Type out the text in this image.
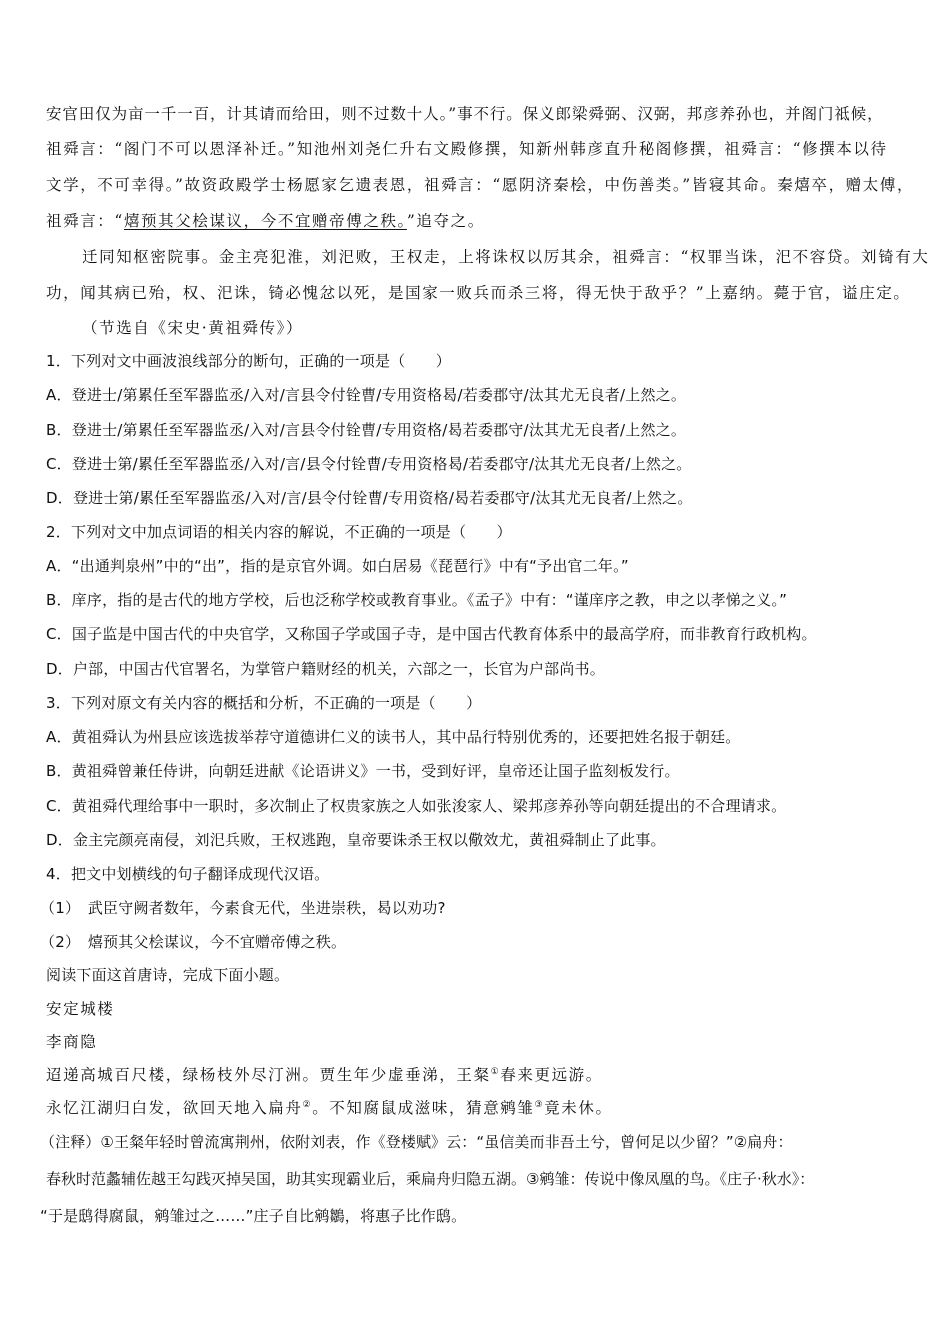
安官田仅为亩一千一百，计其请而给田，则不过数十人。”事不行。保义郎梁舜弼、汉弼，邦彦养孙也，并阁门祗候，
祖舜言：“阁门不可以恩泽补迁。”知池州刘尧仁升右文殿修撰，知新州韩彦直升秘阁修撰，祖舜言：“修撰本以待
文学，不可幸得。”故资政殿学士杨愿家乞遗表恩，祖舜言：“愿阴济秦桧，中伤善类。”皆寝其命。秦熺卒，赠太傅，
祖舜言：“熺预其父桧谋议，今不宜赠帝傅之秩。”追夺之。
迁同知枢密院事。金主亮犯淮，刘汜败，王权走，上将诛权以厉其余，祖舜言：“权罪当诛，汜不容贷。刘锜有大
功，闻其病已殆，权、汜诛，锜必愧忿以死，是国家一败兵而杀三将，得无快于敌乎？”上嘉纳。薨于官，谥庄定。
（节选自《宋史·黄祖舜传》）
1．下列对文中画波浪线部分的断句，正确的一项是（　　）
A．登进士/第累任至军器监丞/入对/言县令付铨曹/专用资格曷/若委郡守/汰其尤无良者/上然之。
B．登进士/第累任至军器监丞/入对/言县令付铨曹/专用资格/曷若委郡守/汰其尤无良者/上然之。
C．登进士第/累任至军器监丞/入对/言/县令付铨曹/专用资格曷/若委郡守/汰其尤无良者/上然之。
D．登进士第/累任至军器监丞/入对/言/县令付铨曹/专用资格/曷若委郡守/汰其尤无良者/上然之。
2．下列对文中加点词语的相关内容的解说，不正确的一项是（　　）
A．“出通判泉州”中的“出”，指的是京官外调。如白居易《琵琶行》中有“予出官二年。”
B．庠序，指的是古代的地方学校，后也泛称学校或教育事业。《孟子》中有：“谨庠序之教，申之以孝悌之义。”
C．国子监是中国古代的中央官学，又称国子学或国子寺，是中国古代教育体系中的最高学府，而非教育行政机构。
D．户部，中国古代官署名，为掌管户籍财经的机关，六部之一，长官为户部尚书。
3．下列对原文有关内容的概括和分析，不正确的一项是（　　）
A．黄祖舜认为州县应该选拔举荐守道德讲仁义的读书人，其中品行特别优秀的，还要把姓名报于朝廷。
B．黄祖舜曾兼任侍讲，向朝廷进献《论语讲义》一书，受到好评，皇帝还让国子监刻板发行。
C．黄祖舜代理给事中一职时，多次制止了权贵家族之人如张浚家人、梁邦彦养孙等向朝廷提出的不合理请求。
D．金主完颜亮南侵，刘汜兵败，王权逃跑，皇帝要诛杀王权以儆效尤，黄祖舜制止了此事。
4．把文中划横线的句子翻译成现代汉语。
（1）　武臣守阙者数年，今素食无代，坐进崇秩，曷以劝功?
（2）　熺预其父桧谋议，今不宜赠帝傅之秩。
阅读下面这首唐诗，完成下面小题。
安定城楼
李商隐
迢递高城百尺楼，绿杨枝外尽汀洲。贾生年少虚垂涕，王粲①春来更远游。
永忆江湖归白发，欲回天地入扁舟②。不知腐鼠成滋味，猜意鹓雏③竟未休。
（注释）①王粲年轻时曾流寓荆州，依附刘表，作《登楼赋》云：“虽信美而非吾土兮，曾何足以少留？”②扁舟：
春秋时范蠡辅佐越王勾践灭掉吴国，助其实现霸业后，乘扁舟归隐五湖。③鹓雏：传说中像凤凰的鸟。《庄子·秋水》：
“于是鸱得腐鼠，鹓雏过之……”庄子自比鹓鶵，将惠子比作鸱。
